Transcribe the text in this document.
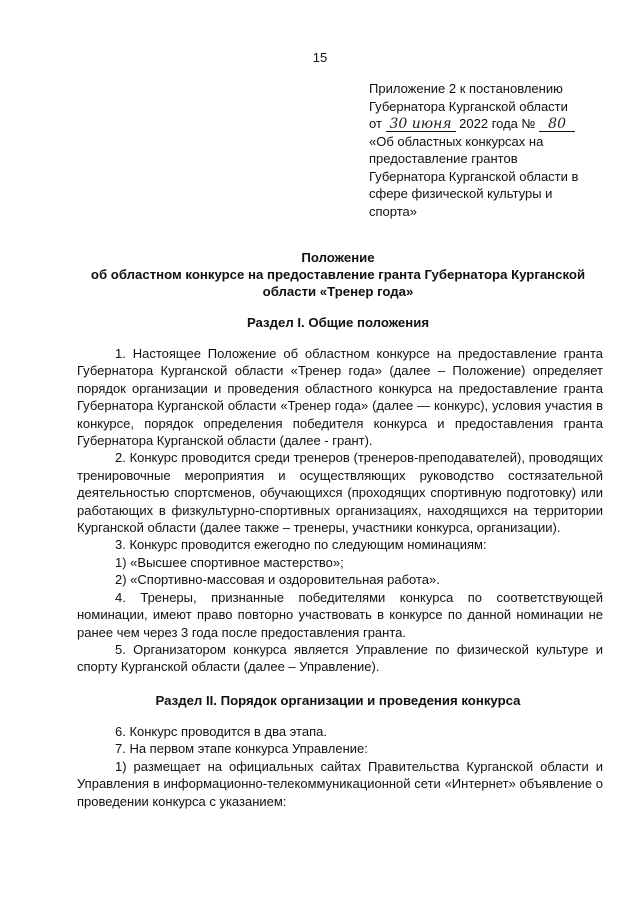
15
Приложение 2 к постановлению
Губернатора Курганской области
от 30 июня 2022 года № 80
«Об областных конкурсах на
предоставление грантов
Губернатора Курганской области в
сфере физической культуры и
спорта»
Положение
об областном конкурсе на предоставление гранта Губернатора Курганской
области «Тренер года»
Раздел I. Общие положения

1. Настоящее Положение об областном конкурсе на предоставление гранта Губернатора Курганской области «Тренер года» (далее – Положение) определяет порядок организации и проведения областного конкурса на предоставление гранта Губернатора Курганской области «Тренер года» (далее — конкурс), условия участия в конкурсе, порядок определения победителя конкурса и предоставления гранта Губернатора Курганской области (далее - грант).

2. Конкурс проводится среди тренеров (тренеров-преподавателей), проводящих тренировочные мероприятия и осуществляющих руководство состязательной деятельностью спортсменов, обучающихся (проходящих спортивную подготовку) или работающих в физкультурно-спортивных организациях, находящихся на территории Курганской области (далее также – тренеры, участники конкурса, организации).

3. Конкурс проводится ежегодно по следующим номинациям:

1) «Высшее спортивное мастерство»;

2) «Спортивно-массовая и оздоровительная работа».

4. Тренеры, признанные победителями конкурса по соответствующей номинации, имеют право повторно участвовать в конкурсе по данной номинации не ранее чем через 3 года после предоставления гранта.

5. Организатором конкурса является Управление по физической культуре и спорту Курганской области (далее – Управление).

Раздел II. Порядок организации и проведения конкурса

6. Конкурс проводится в два этапа.

7. На первом этапе конкурса Управление:

1) размещает на официальных сайтах Правительства Курганской области и Управления в информационно-телекоммуникационной сети «Интернет» объявление о проведении конкурса с указанием:
